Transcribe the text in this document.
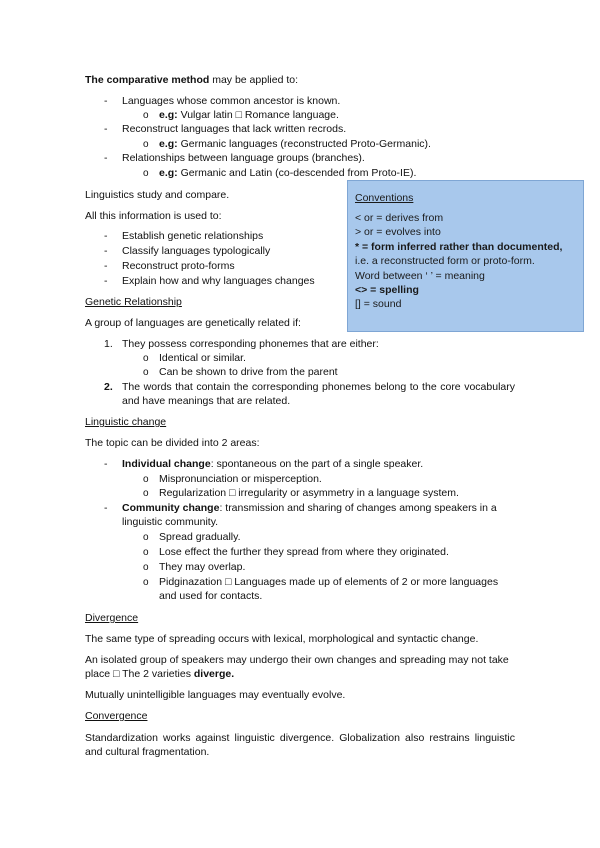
The comparative method may be applied to:
- Languages whose common ancestor is known.
o e.g: Vulgar latin □ Romance language.
- Reconstruct languages that lack written recrods.
o e.g: Germanic languages (reconstructed Proto-Germanic).
- Relationships between language groups (branches).
o e.g: Germanic and Latin (co-descended from Proto-IE).
Linguistics study and compare.
All this information is used to:
- Establish genetic relationships
- Classify languages typologically
- Reconstruct proto-forms
- Explain how and why languages changes
Conventions
< or = derives from
> or = evolves into
* = form inferred rather than documented,
i.e. a reconstructed form or proto-form.
Word between ‘ ’ = meaning
<> = spelling
[] = sound
Genetic Relationship
A group of languages are genetically related if:
1. They possess corresponding phonemes that are either:
o Identical or similar.
o Can be shown to drive from the parent
2. The words that contain the corresponding phonemes belong to the core vocabulary and have meanings that are related.
Linguistic change
The topic can be divided into 2 areas:
- Individual change: spontaneous on the part of a single speaker.
o Mispronunciation or misperception.
o Regularization □ irregularity or asymmetry in a language system.
- Community change: transmission and sharing of changes among speakers in a linguistic community.
o Spread gradually.
o Lose effect the further they spread from where they originated.
o They may overlap.
o Pidginazation □ Languages made up of elements of 2 or more languages and used for contacts.
Divergence
The same type of spreading occurs with lexical, morphological and syntactic change.
An isolated group of speakers may undergo their own changes and spreading may not take place □ The 2 varieties diverge.
Mutually unintelligible languages may eventually evolve.
Convergence
Standardization works against linguistic divergence. Globalization also restrains linguistic and cultural fragmentation.
